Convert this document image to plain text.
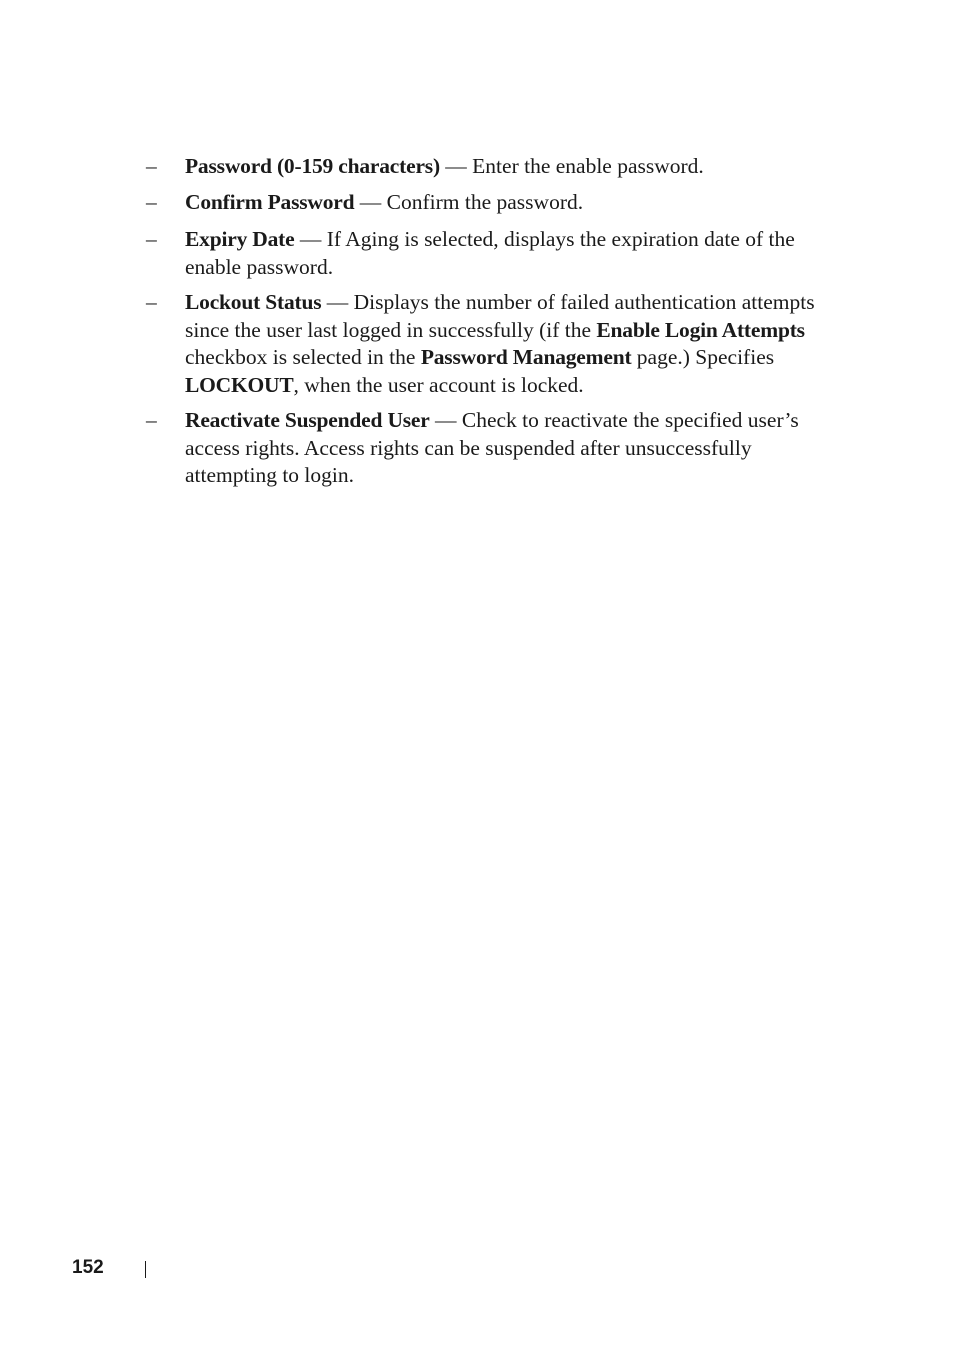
– Password (0-159 characters) — Enter the enable password.
– Confirm Password — Confirm the password.
– Expiry Date — If Aging is selected, displays the expiration date of the enable password.
– Lockout Status — Displays the number of failed authentication attempts since the user last logged in successfully (if the Enable Login Attempts checkbox is selected in the Password Management page.) Specifies LOCKOUT, when the user account is locked.
– Reactivate Suspended User — Check to reactivate the specified user’s access rights. Access rights can be suspended after unsuccessfully attempting to login.
152
